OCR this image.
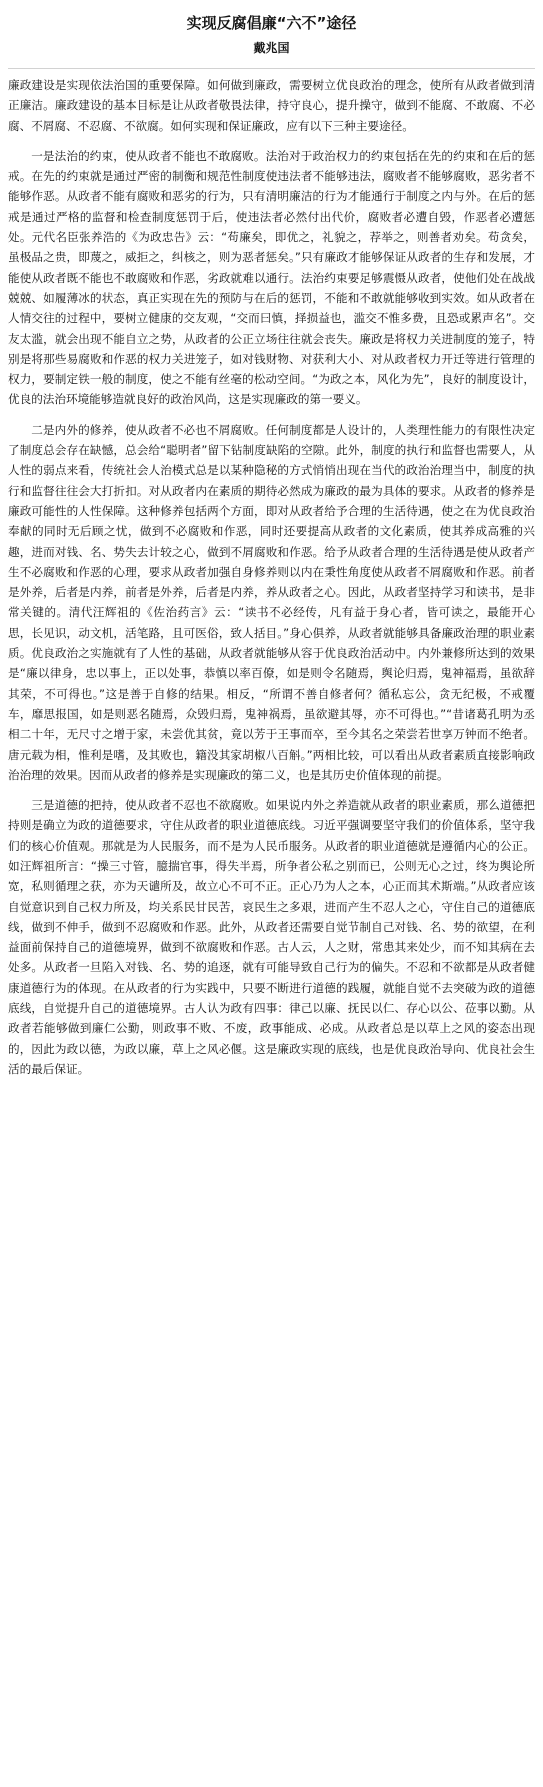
实现反腐倡廉“六不”途径
戴兆国

廉政建设是实现依法治国的重要保障。如何做到廉政，需要树立优良政治的理念，使所有从政者做到清正廉洁。廉政建设的基本目标是让从政者敬畏法律，持守良心，提升操守，做到不能腐、不敢腐、不必腐、不屑腐、不忍腐、不欲腐。如何实现和保证廉政，应有以下三种主要途径。

一是法治的约束，使从政者不能也不敢腐败。法治对于政治权力的约束包括在先的约束和在后的惩戒。在先的约束就是通过严密的制衡和规范性制度使违法者不能够违法，腐败者不能够腐败，恶劣者不能够作恶。从政者不能有腐败和恶劣的行为，只有清明廉洁的行为才能通行于制度之内与外。在后的惩戒是通过严格的监督和检查制度惩罚于后，使违法者必然付出代价，腐败者必遭自毁，作恶者必遭惩处。元代名臣张养浩的《为政忠告》云：“苟廉矣，即优之，礼貌之，荐举之，则善者劝矣。苟贪矣，虽极品之贵，即蔑之，威拒之，纠核之，则为恶者惩矣。”只有廉政才能够保证从政者的生存和发展，才能使从政者既不能也不敢腐败和作恶，劣政就难以通行。法治约束要足够震慑从政者，使他们处在战战兢兢、如履薄冰的状态，真正实现在先的预防与在后的惩罚，不能和不敢就能够收到实效。如从政者在人情交往的过程中，要树立健康的交友观，“交而曰慎，择损益也，滥交不惟多费，且恐或累声名”。交友太滥，就会出现不能自立之势，从政者的公正立场往往就会丧失。廉政是将权力关进制度的笼子，特别是将那些易腐败和作恶的权力关进笼子，如对钱财物、对获利大小、对从政者权力开迁等进行管理的权力，要制定铁一般的制度，使之不能有丝毫的松动空间。“为政之本，风化为先”，良好的制度设计，优良的法治环境能够造就良好的政治风尚，这是实现廉政的第一要义。

二是内外的修养，使从政者不必也不屑腐败。任何制度都是人设计的，人类理性能力的有限性决定了制度总会存在缺憾，总会给“聪明者”留下钻制度缺陷的空隙。此外，制度的执行和监督也需要人，从人性的弱点来看，传统社会人治模式总是以某种隐秘的方式悄悄出现在当代的政治治理当中，制度的执行和监督往往会大打折扣。对从政者内在素质的期待必然成为廉政的最为具体的要求。从政者的修养是廉政可能性的人性保障。这种修养包括两个方面，即对从政者给予合理的生活待遇，使之在为优良政治奉献的同时无后顾之忧，做到不必腐败和作恶，同时还要提高从政者的文化素质，使其养成高雅的兴趣，进而对钱、名、势失去计较之心，做到不屑腐败和作恶。给予从政者合理的生活待遇是使从政者产生不必腐败和作恶的心理，要求从政者加强自身修养则以内在秉性角度使从政者不屑腐败和作恶。前者是外养，后者是内养，前者是外养，后者是内养，养从政者之心。因此，从政者坚持学习和读书，是非常关键的。清代汪辉祖的《佐治药言》云：“读书不必经传，凡有益于身心者，皆可读之，最能开心思，长见识，动文机，活笔路，且可医俗，致人括目。”身心俱养，从政者就能够具备廉政治理的职业素质。优良政治之实施就有了人性的基础，从政者就能够从容于优良政治活动中。内外兼修所达到的效果是“廉以律身，忠以事上，正以处事，恭慎以率百僚，如是则令名随焉，舆论归焉，鬼神福焉，虽欲辞其荣，不可得也。”这是善于自修的结果。相反，“所谓不善自修者何？循私忘公，贪无纪极，不戒覆车，靡思报国，如是则恶名随焉，众毁归焉，鬼神祸焉，虽欲避其辱，亦不可得也。”“昔诸葛孔明为丞相二十年，无尺寸之增于家，未尝优其贫，竟以芳于王事而卒，至今其名之荣尝若世享万钟而不绝者。唐元载为相，惟利是嗜，及其败也，籍没其家胡椒八百斛。”两相比较，可以看出从政者素质直接影响政治治理的效果。因而从政者的修养是实现廉政的第二义，也是其历史价值体现的前提。

三是道德的把持，使从政者不忍也不欲腐败。如果说内外之养造就从政者的职业素质，那么道德把持则是确立为政的道德要求，守住从政者的职业道德底线。习近平强调要坚守我们的价值体系，坚守我们的核心价值观。那就是为人民服务，而不是为人民币服务。从政者的职业道德就是遵循内心的公正。如汪辉祖所言：“操三寸管，臆揣官事，得失半焉，所争者公私之别而已，公则无心之过，终为舆论所宽，私则循理之获，亦为天谴所及，故立心不可不正。正心乃为人之本，心正而其术斯端。”从政者应该自觉意识到自己权力所及，均关系民甘民苦，哀民生之多艰，进而产生不忍人之心，守住自己的道德底线，做到不伸手，做到不忍腐败和作恶。此外，从政者还需要自觉节制自己对钱、名、势的欲望，在利益面前保持自己的道德境界，做到不欲腐败和作恶。古人云，人之财，常患其来处少，而不知其病在去处多。从政者一旦陷入对钱、名、势的追逐，就有可能导致自己行为的偏失。不忍和不欲都是从政者健康道德行为的体现。在从政者的行为实践中，只要不断进行道德的践履，就能自觉不去突破为政的道德底线，自觉提升自己的道德境界。古人认为政有四事：律己以廉、抚民以仁、存心以公、莅事以勤。从政者若能够做到廉仁公勤，则政事不败、不废，政事能成、必成。从政者总是以草上之风的姿态出现的，因此为政以德，为政以廉，草上之风必偃。这是廉政实现的底线，也是优良政治导向、优良社会生活的最后保证。
